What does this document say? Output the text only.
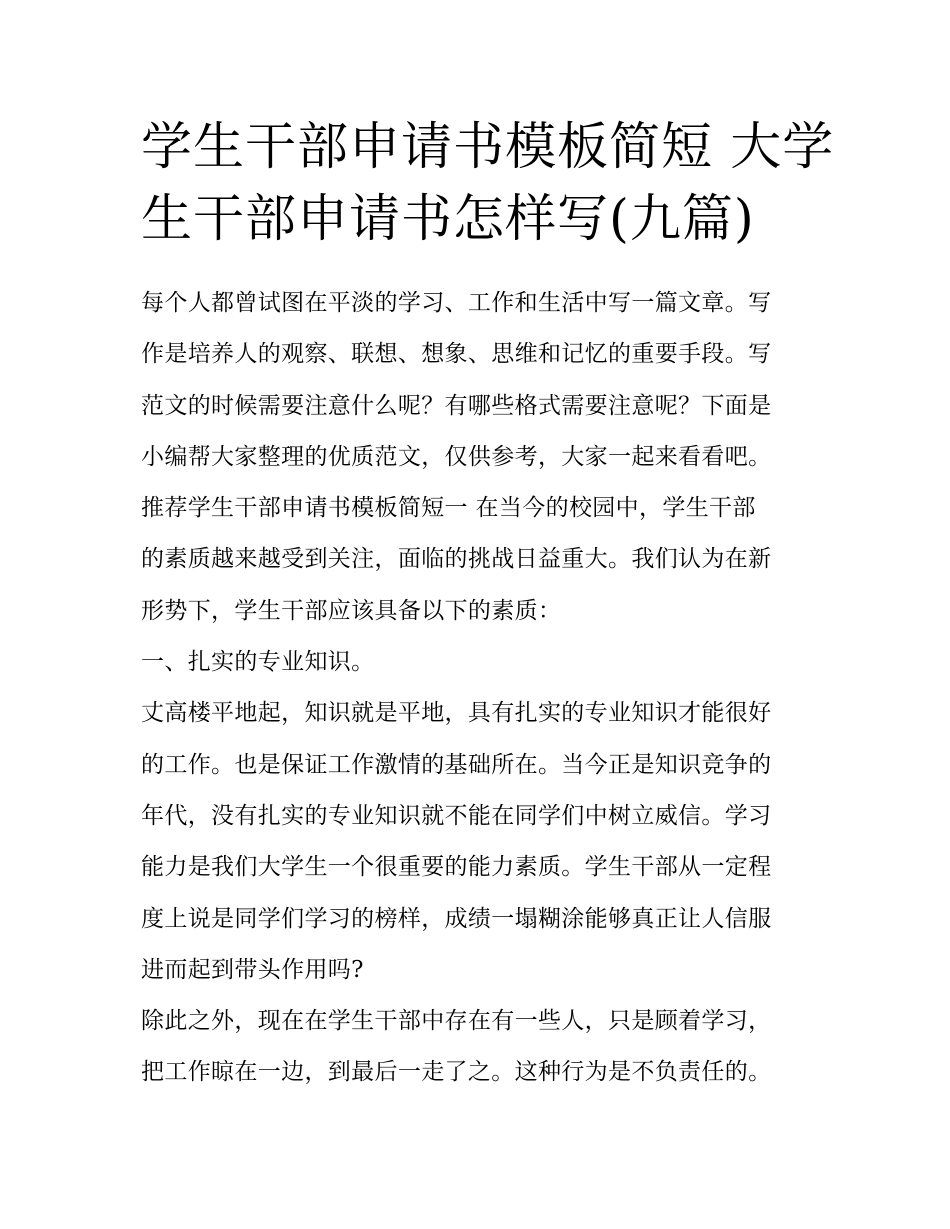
学生干部申请书模板简短 大学
生干部申请书怎样写(九篇)
每个人都曾试图在平淡的学习、工作和生活中写一篇文章。写
作是培养人的观察、联想、想象、思维和记忆的重要手段。写
范文的时候需要注意什么呢？有哪些格式需要注意呢？下面是
小编帮大家整理的优质范文，仅供参考，大家一起来看看吧。
推荐学生干部申请书模板简短一 在当今的校园中，学生干部
的素质越来越受到关注，面临的挑战日益重大。我们认为在新
形势下，学生干部应该具备以下的素质：
一、扎实的专业知识。
丈高楼平地起，知识就是平地，具有扎实的专业知识才能很好
的工作。也是保证工作激情的基础所在。当今正是知识竞争的
年代，没有扎实的专业知识就不能在同学们中树立威信。学习
能力是我们大学生一个很重要的能力素质。学生干部从一定程
度上说是同学们学习的榜样，成绩一塌糊涂能够真正让人信服
进而起到带头作用吗?
除此之外，现在在学生干部中存在有一些人，只是顾着学习，
把工作晾在一边，到最后一走了之。这种行为是不负责任的。
